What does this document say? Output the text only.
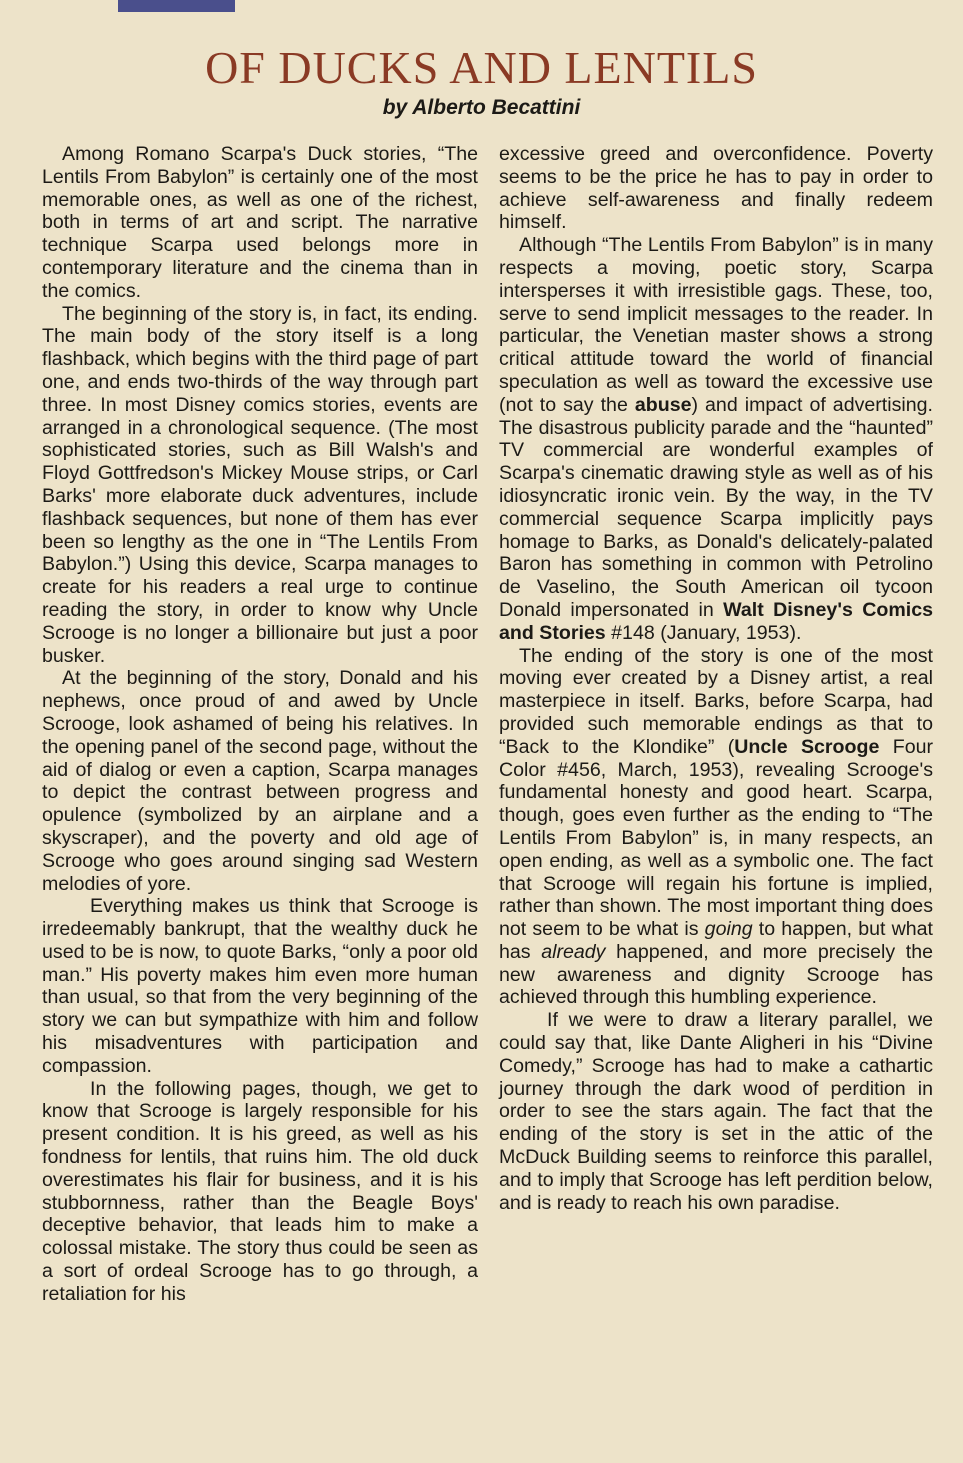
OF DUCKS AND LENTILS
by Alberto Becattini

Among Romano Scarpa's Duck stories, “The Lentils From Babylon” is certainly one of the most memorable ones, as well as one of the richest, both in terms of art and script. The narrative technique Scarpa used belongs more in contemporary literature and the cinema than in the comics.

The beginning of the story is, in fact, its ending. The main body of the story itself is a long flashback, which begins with the third page of part one, and ends two-thirds of the way through part three. In most Disney comics stories, events are arranged in a chronological sequence. (The most sophisticated stories, such as Bill Walsh's and Floyd Gottfredson's Mickey Mouse strips, or Carl Barks' more elaborate duck adventures, include flashback sequences, but none of them has ever been so lengthy as the one in “The Lentils From Babylon.”) Using this device, Scarpa manages to create for his readers a real urge to continue reading the story, in order to know why Uncle Scrooge is no longer a billionaire but just a poor busker.

At the beginning of the story, Donald and his nephews, once proud of and awed by Uncle Scrooge, look ashamed of being his relatives. In the opening panel of the second page, without the aid of dialog or even a caption, Scarpa manages to depict the contrast between progress and opulence (symbolized by an airplane and a skyscraper), and the poverty and old age of Scrooge who goes around singing sad Western melodies of yore.

Everything makes us think that Scrooge is irredeemably bankrupt, that the wealthy duck he used to be is now, to quote Barks, “only a poor old man.” His poverty makes him even more human than usual, so that from the very beginning of the story we can but sympathize with him and follow his misadventures with participation and compassion.

In the following pages, though, we get to know that Scrooge is largely responsible for his present condition. It is his greed, as well as his fondness for lentils, that ruins him. The old duck overestimates his flair for business, and it is his stubbornness, rather than the Beagle Boys' deceptive behavior, that leads him to make a colossal mistake. The story thus could be seen as a sort of ordeal Scrooge has to go through, a retaliation for his

excessive greed and overconfidence. Poverty seems to be the price he has to pay in order to achieve self-awareness and finally redeem himself.

Although “The Lentils From Babylon” is in many respects a moving, poetic story, Scarpa intersperses it with irresistible gags. These, too, serve to send implicit messages to the reader. In particular, the Venetian master shows a strong critical attitude toward the world of financial speculation as well as toward the excessive use (not to say the abuse) and impact of advertising. The disastrous publicity parade and the “haunted” TV commercial are wonderful examples of Scarpa's cinematic drawing style as well as of his idiosyncratic ironic vein. By the way, in the TV commercial sequence Scarpa implicitly pays homage to Barks, as Donald's delicately-palated Baron has something in common with Petrolino de Vaselino, the South American oil tycoon Donald impersonated in Walt Disney's Comics and Stories #148 (January, 1953).

The ending of the story is one of the most moving ever created by a Disney artist, a real masterpiece in itself. Barks, before Scarpa, had provided such memorable endings as that to “Back to the Klondike” (Uncle Scrooge Four Color #456, March, 1953), revealing Scrooge's fundamental honesty and good heart. Scarpa, though, goes even further as the ending to “The Lentils From Babylon” is, in many respects, an open ending, as well as a symbolic one. The fact that Scrooge will regain his fortune is implied, rather than shown. The most important thing does not seem to be what is going to happen, but what has already happened, and more precisely the new awareness and dignity Scrooge has achieved through this humbling experience.

If we were to draw a literary parallel, we could say that, like Dante Aligheri in his “Divine Comedy,” Scrooge has had to make a cathartic journey through the dark wood of perdition in order to see the stars again. The fact that the ending of the story is set in the attic of the McDuck Building seems to reinforce this parallel, and to imply that Scrooge has left perdition below, and is ready to reach his own paradise.
